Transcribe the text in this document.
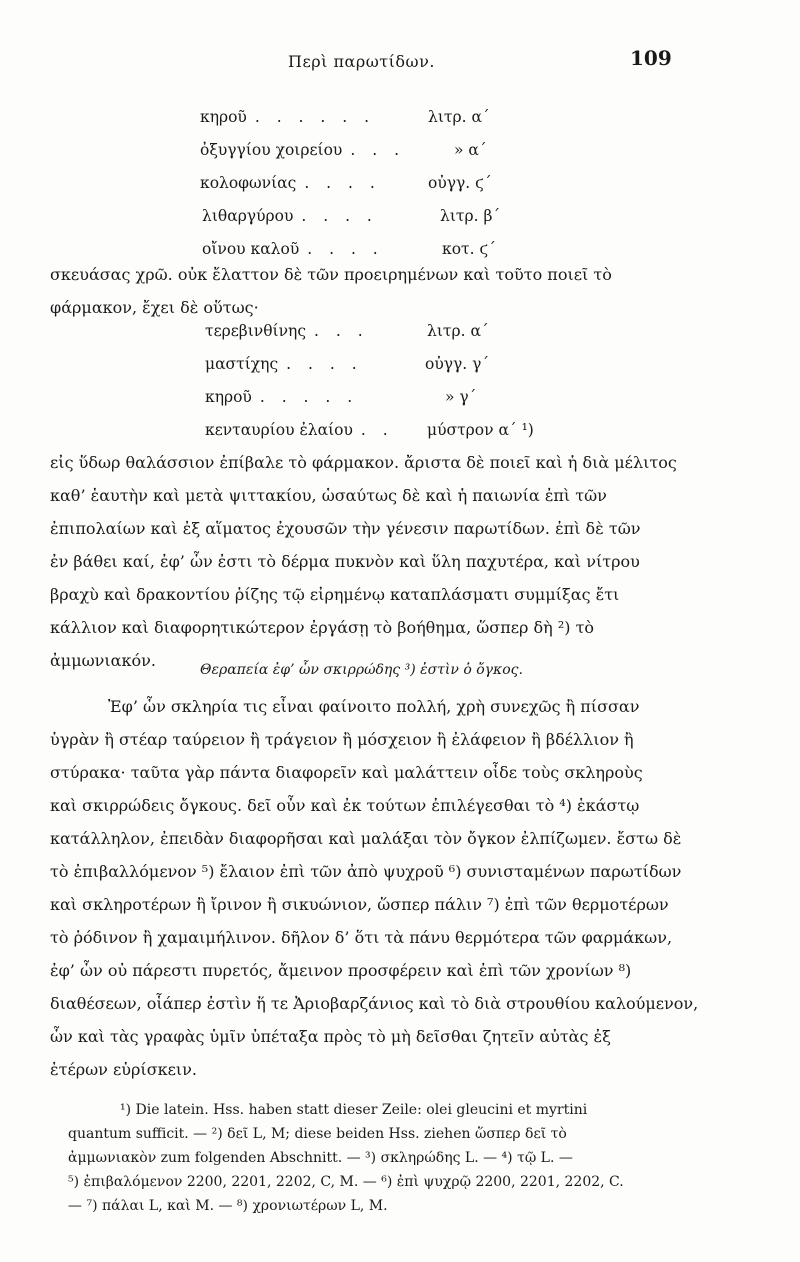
Περὶ παρωτίδων.	109
κηροῦ . . . . . .	λιτρ. α΄
ὀξυγγίου χοιρείου . . .	» α΄
κολοφωνίας . . . .	οὐγγ. ϛ΄
λιθαργύρου . . . .	λιτρ. β΄
οἴνου καλοῦ . . . .	κοτ. ϛ΄
σκευάσας χρῶ. οὐκ ἔλαττον δὲ τῶν προειρημένων καὶ τοῦτο ποιεῖ τὸ
φάρμακον, ἔχει δὲ οὕτως·
τερεβινθίνης . . .	λιτρ. α΄
μαστίχης . . . .	οὐγγ. γ΄
κηροῦ . . . . .	» γ΄
κενταυρίου ἐλαίου . . μύστρον α΄ ¹)
εἰς ὕδωρ θαλάσσιον ἐπίβαλε τὸ φάρμακον. ἄριστα δὲ ποιεῖ καὶ ἡ διὰ μέλιτος
καθ’ ἑαυτὴν καὶ μετὰ ψιττακίου, ὡσαύτως δὲ καὶ ἡ παιωνία ἐπὶ τῶν
ἐπιπολαίων καὶ ἐξ αἵματος ἐχουσῶν τὴν γένεσιν παρωτίδων. ἐπὶ δὲ τῶν
ἐν βάθει καί, ἐφ’ ὧν ἐστι τὸ δέρμα πυκνὸν καὶ ὕλη παχυτέρα, καὶ νίτρου
βραχὺ καὶ δρακοντίου ῥίζης τῷ εἰρημένῳ καταπλάσματι συμμίξας ἔτι
κάλλιον καὶ διαφορητικώτερον ἐργάσῃ τὸ βοήθημα, ὥσπερ δὴ ²) τὸ
ἀμμωνιακόν.	Θεραπεία ἐφ’ ὧν σκιρρώδης ³) ἐστὶν ὁ ὄγκος.
Ἐφ’ ὧν σκληρία τις εἶναι φαίνοιτο πολλή, χρὴ συνεχῶς ἢ πίσσαν
ὑγρὰν ἢ στέαρ ταύρειον ἢ τράγειον ἢ μόσχειον ἢ ἐλάφειον ἢ βδέλλιον ἢ
στύρακα· ταῦτα γὰρ πάντα διαφορεῖν καὶ μαλάττειν οἶδε τοὺς σκληροὺς
καὶ σκιρρώδεις ὄγκους. δεῖ οὖν καὶ ἐκ τούτων ἐπιλέγεσθαι τὸ ⁴) ἑκάστῳ
κατάλληλον, ἐπειδὰν διαφορῆσαι καὶ μαλάξαι τὸν ὄγκον ἐλπίζωμεν. ἔστω δὲ
τὸ ἐπιβαλλόμενον ⁵) ἔλαιον ἐπὶ τῶν ἀπὸ ψυχροῦ ⁶) συνισταμένων παρωτίδων
καὶ σκληροτέρων ἢ ἴρινον ἢ σικυώνιον, ὥσπερ πάλιν ⁷) ἐπὶ τῶν θερμοτέρων
τὸ ῥόδινον ἢ χαμαιμήλινον. δῆλον δ’ ὅτι τὰ πάνυ θερμότερα τῶν φαρμάκων,
ἐφ’ ὧν οὐ πάρεστι πυρετός, ἄμεινον προσφέρειν καὶ ἐπὶ τῶν χρονίων ⁸)
διαθέσεων, οἷάπερ ἐστὶν ἥ τε Ἀριοβαρζάνιος καὶ τὸ διὰ στρουθίου καλούμενον,
ὧν καὶ τὰς γραφὰς ὑμῖν ὑπέταξα πρὸς τὸ μὴ δεῖσθαι ζητεῖν αὐτὰς ἐξ
ἑτέρων εὑρίσκειν.
¹) Die latein. Hss. haben statt dieser Zeile: olei gleucini et myrtini
quantum sufficit. — ²) δεῖ L, M; diese beiden Hss. ziehen ὥσπερ δεῖ τὸ
ἀμμωνιακὸν zum folgenden Abschnitt. — ³) σκληρώδης L. — ⁴) τῷ L. —
⁵) ἐπιβαλόμενον 2200, 2201, 2202, C, M. — ⁶) ἐπὶ ψυχρῷ 2200, 2201, 2202, C.
— ⁷) πάλαι L, καὶ M. — ⁸) χρονιωτέρων L, M.
